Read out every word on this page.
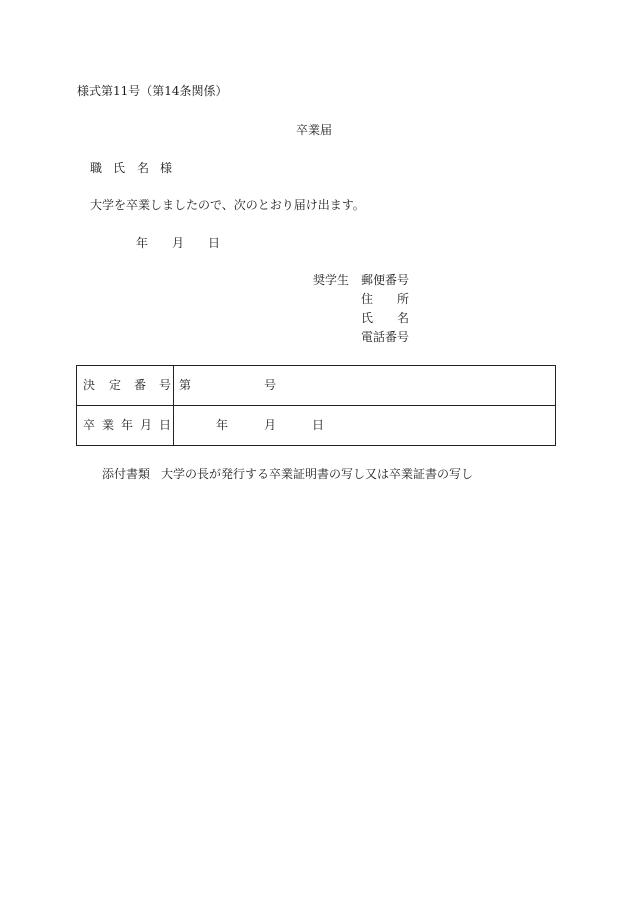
様式第11号（第14条関係）
卒業届
職 氏 名 様
大学を卒業しましたので、次のとおり届け出ます。
年 月 日
奨学生 郵便番号
住　　所
氏　　名
電話番号
決 定 番 号	第 号

卒 業 年 月 日	年 月 日
添付書類 大学の長が発行する卒業証明書の写し又は卒業証書の写し
